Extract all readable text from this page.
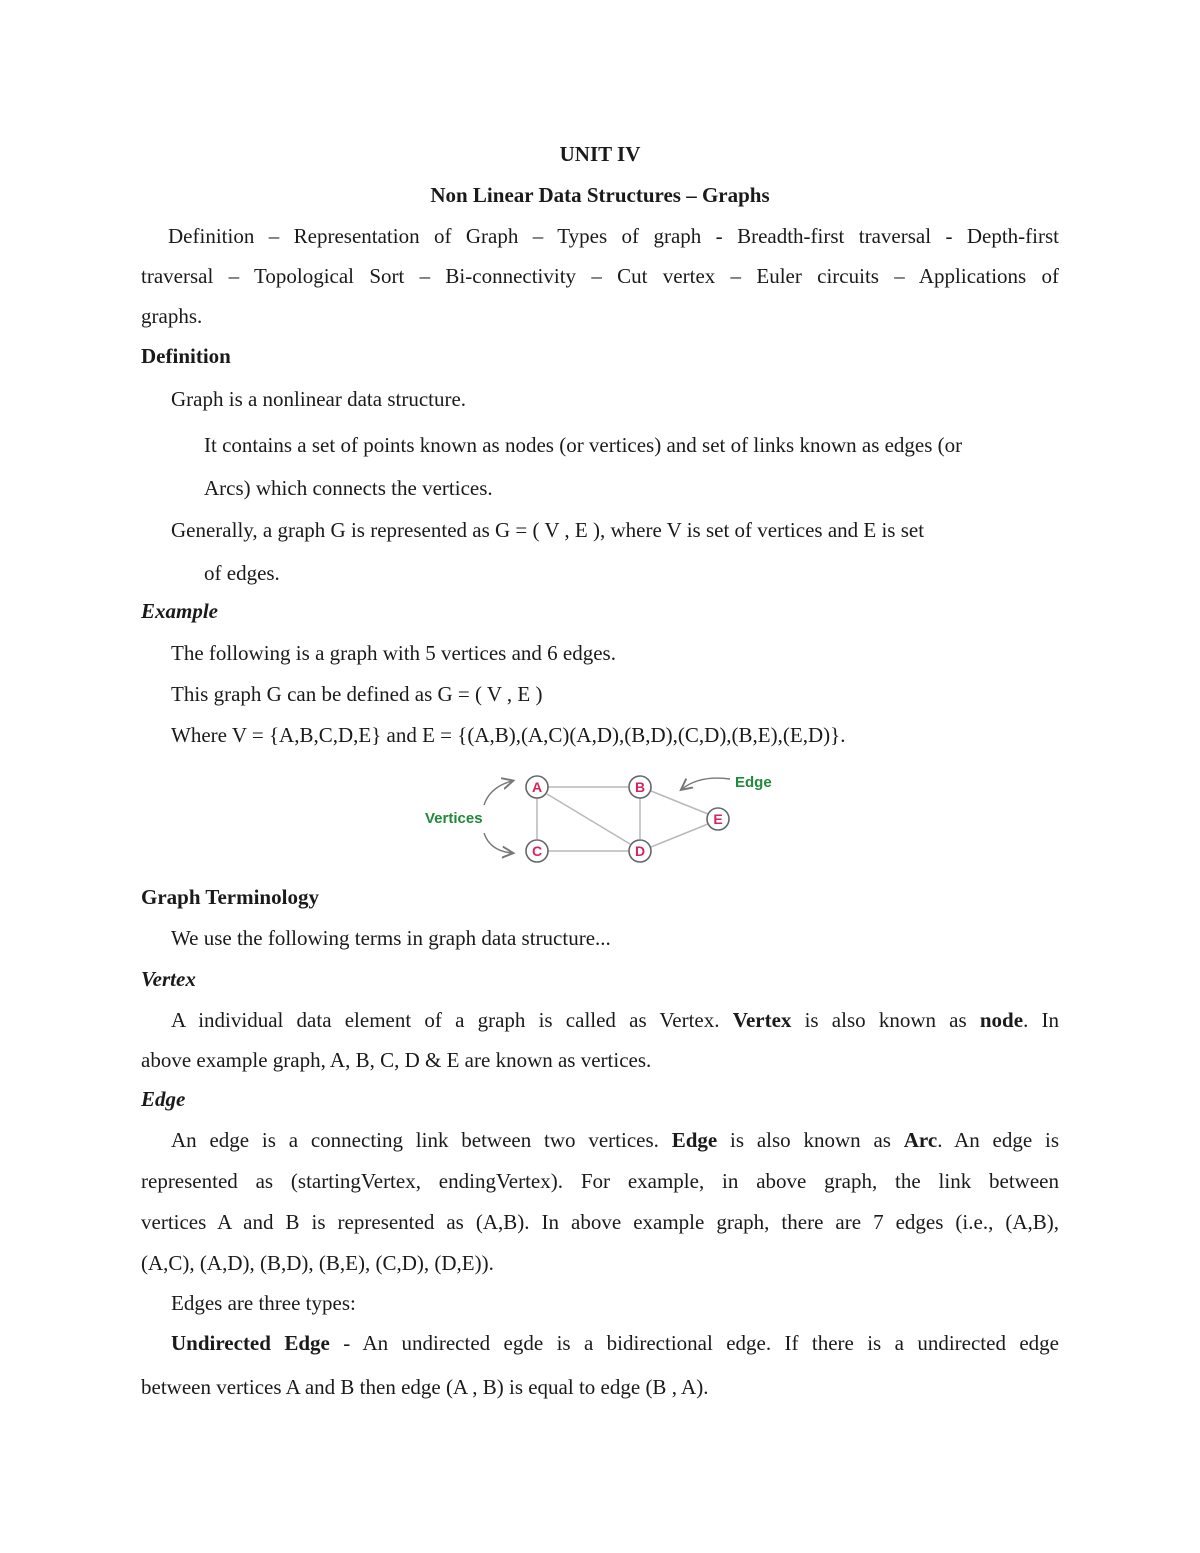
UNIT IV
Non Linear Data Structures – Graphs
Definition – Representation of Graph – Types of graph - Breadth-first traversal - Depth-first
traversal – Topological Sort – Bi-connectivity – Cut vertex – Euler circuits – Applications of
graphs.
Definition
Graph is a nonlinear data structure.
It contains a set of points known as nodes (or vertices) and set of links known as edges (or
Arcs) which connects the vertices.
Generally, a graph G is represented as G = ( V , E ), where V is set of vertices and E is set
of edges.
Example
The following is a graph with 5 vertices and 6 edges.
This graph G can be defined as G = ( V , E )
Where V = {A,B,C,D,E} and E = {(A,B),(A,C)(A,D),(B,D),(C,D),(B,E),(E,D)}.
A	B
C	D
E
Vertices
Edge
Graph Terminology
We use the following terms in graph data structure...
Vertex
A individual data element of a graph is called as Vertex. Vertex is also known as node. In
above example graph, A, B, C, D & E are known as vertices.
Edge
An edge is a connecting link between two vertices. Edge is also known as Arc. An edge is
represented as (startingVertex, endingVertex). For example, in above graph, the link between
vertices A and B is represented as (A,B). In above example graph, there are 7 edges (i.e., (A,B),
(A,C), (A,D), (B,D), (B,E), (C,D), (D,E)).
Edges are three types:
Undirected Edge - An undirected egde is a bidirectional edge. If there is a undirected edge
between vertices A and B then edge (A , B) is equal to edge (B , A).
